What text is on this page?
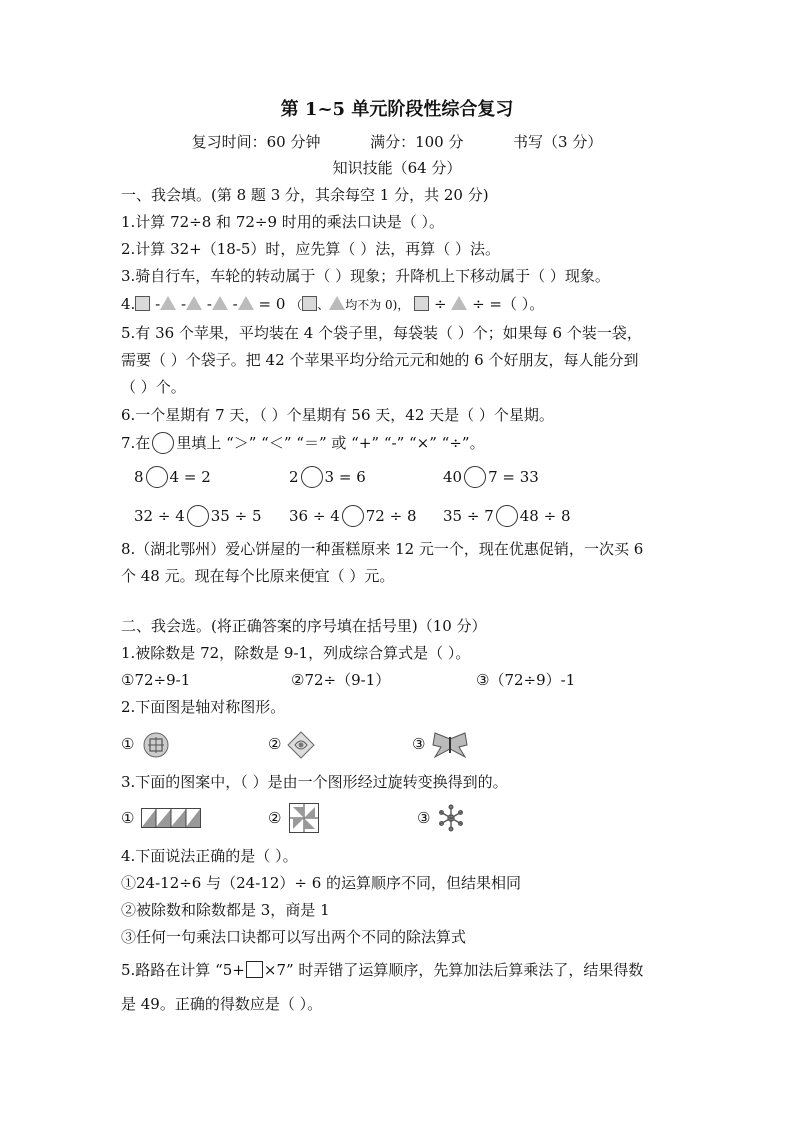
第 1~5 单元阶段性综合复习
复习时间：60 分钟	满分：100 分	书写（3 分）
知识技能（64 分）
一、我会填。(第 8 题 3 分，其余每空 1 分，共 20 分)
1.计算 72÷8 和 72÷9 时用的乘法口诀是（ ）。
2.计算 32+（18-5）时，应先算（ ）法，再算（ ）法。
3.骑自行车，车轮的转动属于（ ）现象；升降机上下移动属于（ ）现象。
4. - - - - = 0 （ 、 均不为 0)， ÷ ÷ =（ ）。
5.有 36 个苹果，平均装在 4 个袋子里，每袋装（ ）个；如果每 6 个装一袋，
需要（ ）个袋子。把 42 个苹果平均分给元元和她的 6 个好朋友，每人能分到
（ ）个。
6.一个星期有 7 天，（ ）个星期有 56 天，42 天是（ ）个星期。
7.在 里填上 “＞” “＜” “＝” 或 “+” “-” “×” “÷”。
8 4 = 2	2 3 = 6	40 7 = 33
32 ÷ 4 35 ÷ 5 36 ÷ 4 72 ÷ 8 35 ÷ 7 48 ÷ 8
8.（湖北鄂州）爱心饼屋的一种蛋糕原来 12 元一个，现在优惠促销，一次买 6
个 48 元。现在每个比原来便宜（ ）元。
二、我会选。(将正确答案的序号填在括号里)（10 分）
1.被除数是 72，除数是 9-1，列成综合算式是（ ）。
①72÷9-1	②72÷（9-1）	③（72÷9）-1
2.下面图是轴对称图形。
①	②	③
3.下面的图案中，（ ）是由一个图形经过旋转变换得到的。
①	②	③
4.下面说法正确的是（ ）。
①24-12÷6 与（24-12）÷ 6 的运算顺序不同，但结果相同
②被除数和除数都是 3，商是 1
③任何一句乘法口诀都可以写出两个不同的除法算式
5.路路在计算 “5+ ×7” 时弄错了运算顺序，先算加法后算乘法了，结果得数
是 49。正确的得数应是（ ）。
